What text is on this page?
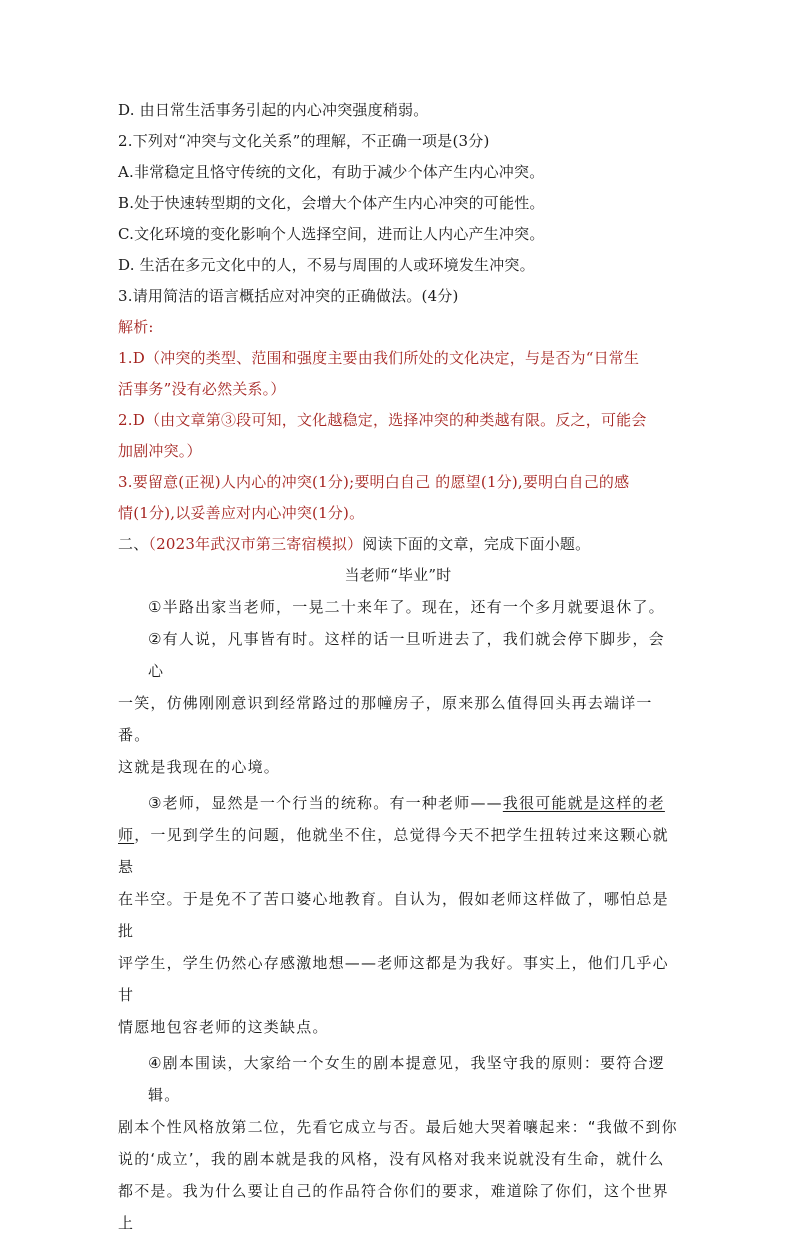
D. 由日常生活事务引起的内心冲突强度稍弱。
2.下列对“冲突与文化关系”的理解，不正确一项是(3分)
A.非常稳定且恪守传统的文化，有助于减少个体产生内心冲突。
B.处于快速转型期的文化，会增大个体产生内心冲突的可能性。
C.文化环境的变化影响个人选择空间，进而让人内心产生冲突。
D. 生活在多元文化中的人，不易与周围的人或环境发生冲突。
3.请用简洁的语言概括应对冲突的正确做法。(4分)
解析:
1.D（冲突的类型、范围和强度主要由我们所处的文化决定，与是否为“日常生
活事务”没有必然关系。）
2.D（由文章第③段可知，文化越稳定，选择冲突的种类越有限。反之，可能会
加剧冲突。）
3.要留意(正视)人内心的冲突(1分);要明白自己 的愿望(1分),要明白自己的感
情(1分),以妥善应对内心冲突(1分)。
二、（2023年武汉市第三寄宿模拟）阅读下面的文章，完成下面小题。
当老师“毕业”时
①半路出家当老师，一晃二十来年了。现在，还有一个多月就要退休了。
②有人说，凡事皆有时。这样的话一旦听进去了，我们就会停下脚步，会心
一笑，仿佛刚刚意识到经常路过的那幢房子，原来那么值得回头再去端详一番。
这就是我现在的心境。
③老师，显然是一个行当的统称。有一种老师——我很可能就是这样的老
师，一见到学生的问题，他就坐不住，总觉得今天不把学生扭转过来这颗心就悬
在半空。于是免不了苦口婆心地教育。自认为，假如老师这样做了，哪怕总是批
评学生，学生仍然心存感激地想——老师这都是为我好。事实上，他们几乎心甘
情愿地包容老师的这类缺点。
④剧本围读，大家给一个女生的剧本提意见，我坚守我的原则：要符合逻辑。
剧本个性风格放第二位，先看它成立与否。最后她大哭着嚷起来：“我做不到你
说的‘成立’，我的剧本就是我的风格，没有风格对我来说就没有生命，就什么
都不是。我为什么要让自己的作品符合你们的要求，难道除了你们，这个世界上
